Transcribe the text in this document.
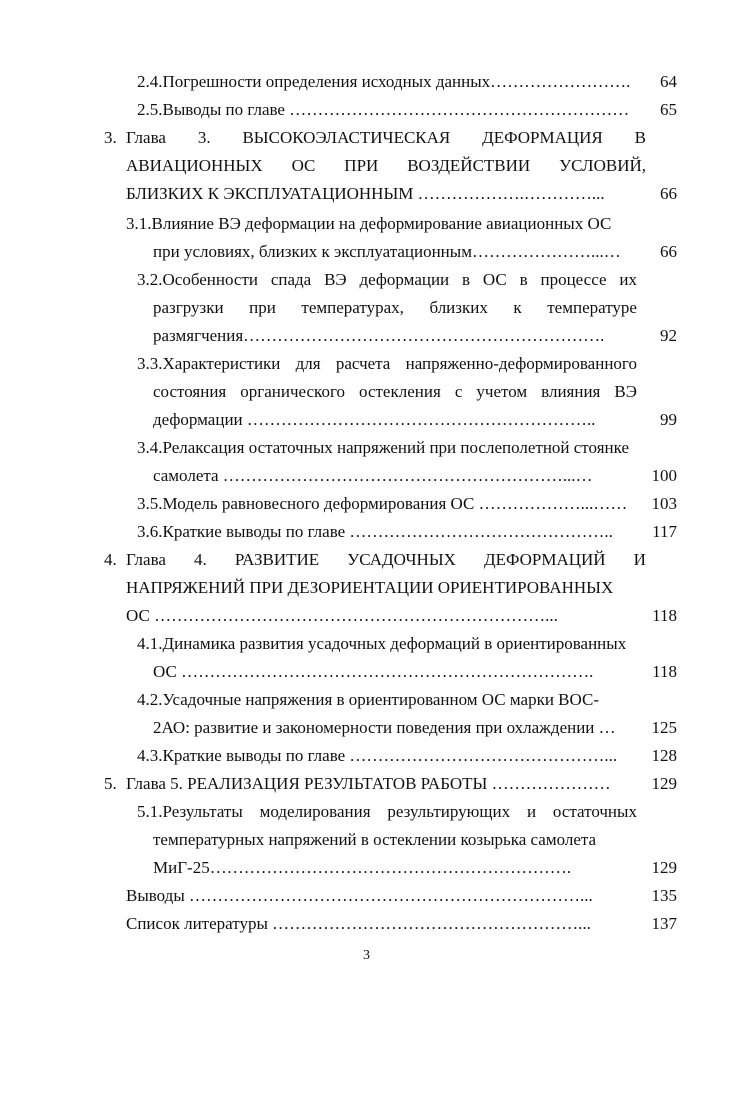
2.4.Погрешности определения исходных данных……………………. 64
2.5.Выводы по главе …………………………………………………… 65
3. Глава 3. ВЫСОКОЭЛАСТИЧЕСКАЯ ДЕФОРМАЦИЯ В
АВИАЦИОННЫХ ОС ПРИ ВОЗДЕЙСТВИИ УСЛОВИЙ,
БЛИЗКИХ К ЭКСПЛУАТАЦИОННЫМ ……………….…………...	66
3.1.Влияние ВЭ деформации на деформирование авиационных ОС
при условиях, близких к эксплуатационным…………………...… 66
3.2.Особенности спада ВЭ деформации в ОС в процессе их
разгрузки при температурах, близких к температуре
размягчения……………………………………………………….	92
3.3.Характеристики для расчета напряженно-деформированного
состояния органического остекления с учетом влияния ВЭ
деформации ……………………………………………………..	99
3.4.Релаксация остаточных напряжений при послеполетной стоянке
самолета ……………………………………………………...…	100
3.5.Модель равновесного деформирования ОС ………………...…… 103
3.6.Краткие выводы по главе ……………………………………….. 117
4. Глава 4. РАЗВИТИЕ УСАДОЧНЫХ ДЕФОРМАЦИЙ И
НАПРЯЖЕНИЙ ПРИ ДЕЗОРИЕНТАЦИИ ОРИЕНТИРОВАННЫХ
ОС ……………………………………………………………...	118
4.1.Динамика развития усадочных деформаций в ориентированных
ОС ……………………………………………………………….	118
4.2.Усадочные напряжения в ориентированном ОС марки ВОС-
2АО: развитие и закономерности поведения при охлаждении … 125
4.3.Краткие выводы по главе ………………………………………... 128
5. Глава 5. РЕАЛИЗАЦИЯ РЕЗУЛЬТАТОВ РАБОТЫ ………………… 129
5.1.Результаты моделирования результирующих и остаточных
температурных напряжений в остеклении козырька самолета
МиГ-25……………………………………………………….	129
Выводы ……………………………………………………………...	135
Список литературы ………………………………………………...	137
3
